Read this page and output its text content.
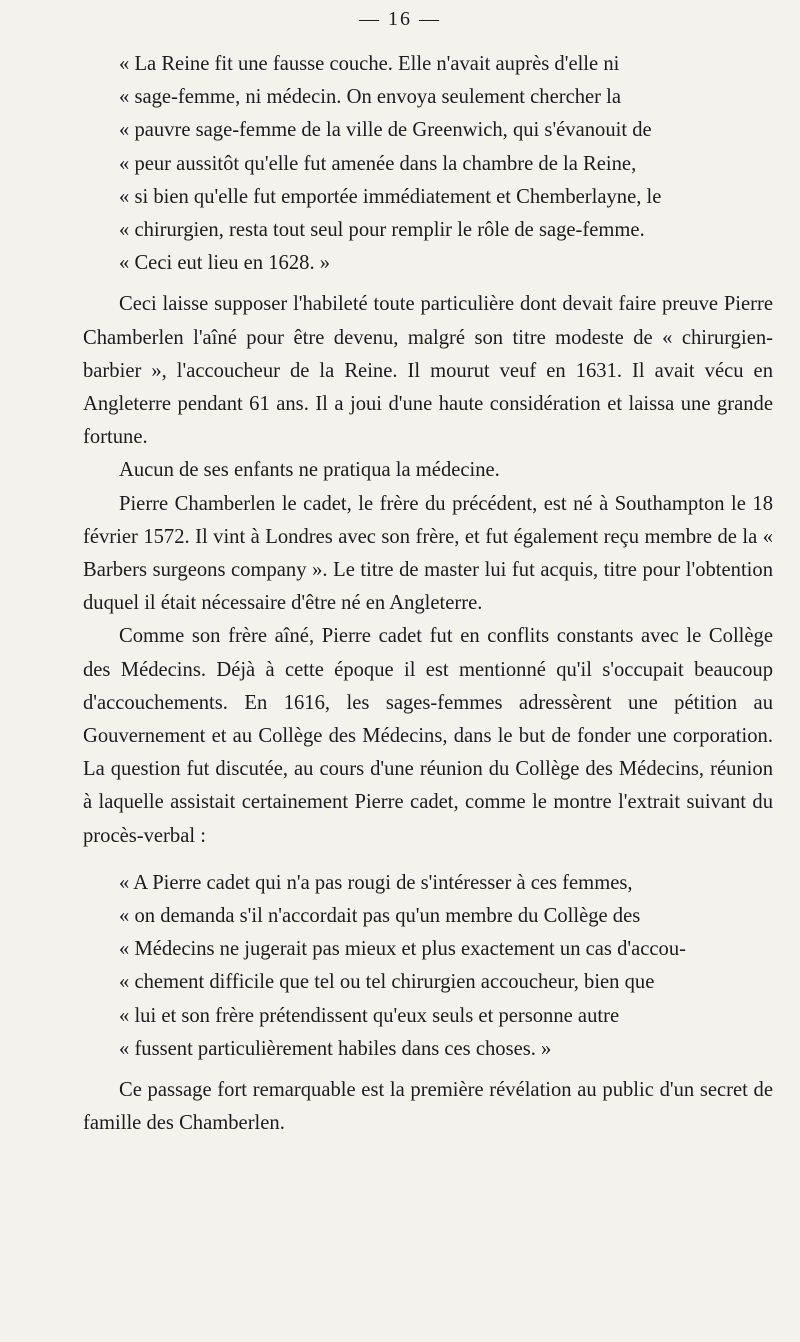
— 16 —
« La Reine fit une fausse couche. Elle n'avait auprès d'elle ni
« sage-femme, ni médecin. On envoya seulement chercher la
« pauvre sage-femme de la ville de Greenwich, qui s'évanouit de
« peur aussitôt qu'elle fut amenée dans la chambre de la Reine,
« si bien qu'elle fut emportée immédiatement et Chemberlayne, le
« chirurgien, resta tout seul pour remplir le rôle de sage-femme.
« Ceci eut lieu en 1628. »

Ceci laisse supposer l'habileté toute particulière dont devait faire preuve Pierre Chamberlen l'aîné pour être devenu, malgré son titre modeste de « chirurgien-barbier », l'accoucheur de la Reine. Il mourut veuf en 1631. Il avait vécu en Angleterre pendant 61 ans. Il a joui d'une haute considération et laissa une grande fortune.

Aucun de ses enfants ne pratiqua la médecine.

Pierre Chamberlen le cadet, le frère du précédent, est né à Southampton le 18 février 1572. Il vint à Londres avec son frère, et fut également reçu membre de la « Barbers surgeons company ». Le titre de master lui fut acquis, titre pour l'obtention duquel il était nécessaire d'être né en Angleterre.

Comme son frère aîné, Pierre cadet fut en conflits constants avec le Collège des Médecins. Déjà à cette époque il est mentionné qu'il s'occupait beaucoup d'accouchements. En 1616, les sages-femmes adressèrent une pétition au Gouvernement et au Collège des Médecins, dans le but de fonder une corporation. La question fut discutée, au cours d'une réunion du Collège des Médecins, réunion à laquelle assistait certainement Pierre cadet, comme le montre l'extrait suivant du procès-verbal :

« A Pierre cadet qui n'a pas rougi de s'intéresser à ces femmes,
« on demanda s'il n'accordait pas qu'un membre du Collège des
« Médecins ne jugerait pas mieux et plus exactement un cas d'accou-
« chement difficile que tel ou tel chirurgien accoucheur, bien que
« lui et son frère prétendissent qu'eux seuls et personne autre
« fussent particulièrement habiles dans ces choses. »

Ce passage fort remarquable est la première révélation au public d'un secret de famille des Chamberlen.
